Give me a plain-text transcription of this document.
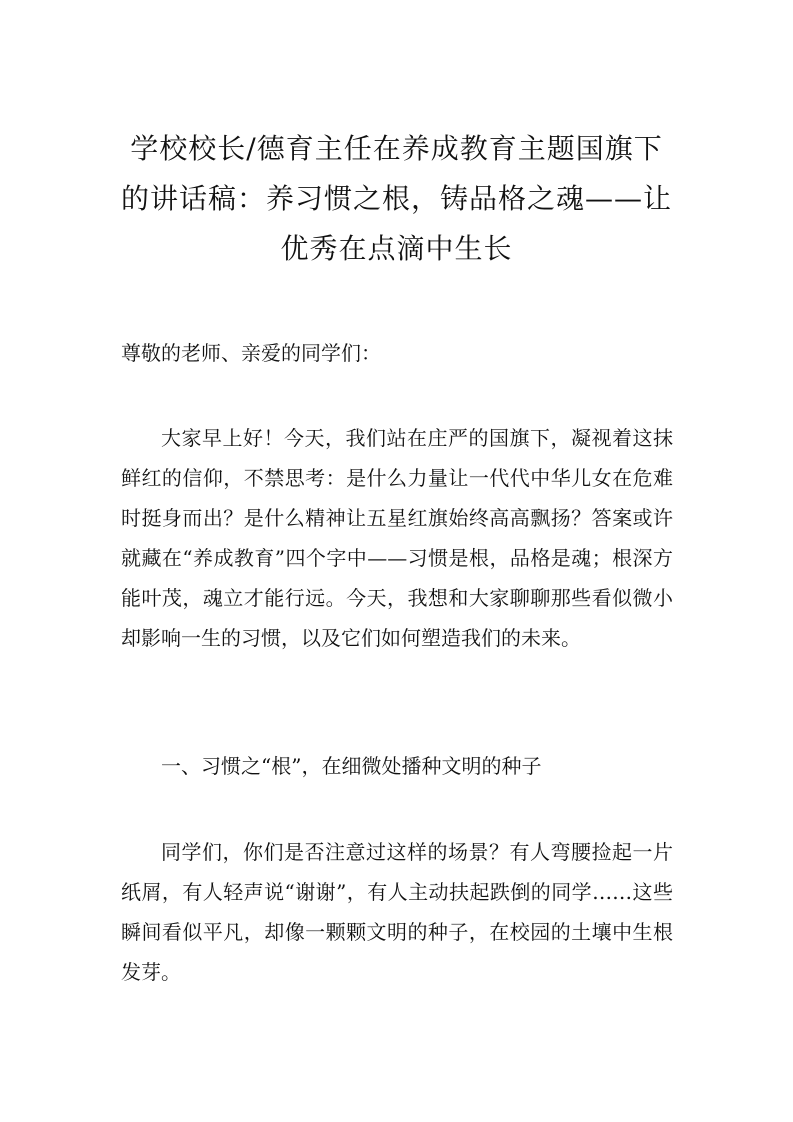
学校校长/德育主任在养成教育主题国旗下
的讲话稿：养习惯之根，铸品格之魂——让
优秀在点滴中生长

尊敬的老师、亲爱的同学们：

大家早上好！今天，我们站在庄严的国旗下，凝视着这抹鲜红的信仰，不禁思考：是什么力量让一代代中华儿女在危难时挺身而出？是什么精神让五星红旗始终高高飘扬？答案或许就藏在“养成教育”四个字中——习惯是根，品格是魂；根深方能叶茂，魂立才能行远。今天，我想和大家聊聊那些看似微小却影响一生的习惯，以及它们如何塑造我们的未来。

一、习惯之“根”，在细微处播种文明的种子

同学们，你们是否注意过这样的场景？有人弯腰捡起一片纸屑，有人轻声说“谢谢”，有人主动扶起跌倒的同学……这些瞬间看似平凡，却像一颗颗文明的种子，在校园的土壤中生根发芽。
